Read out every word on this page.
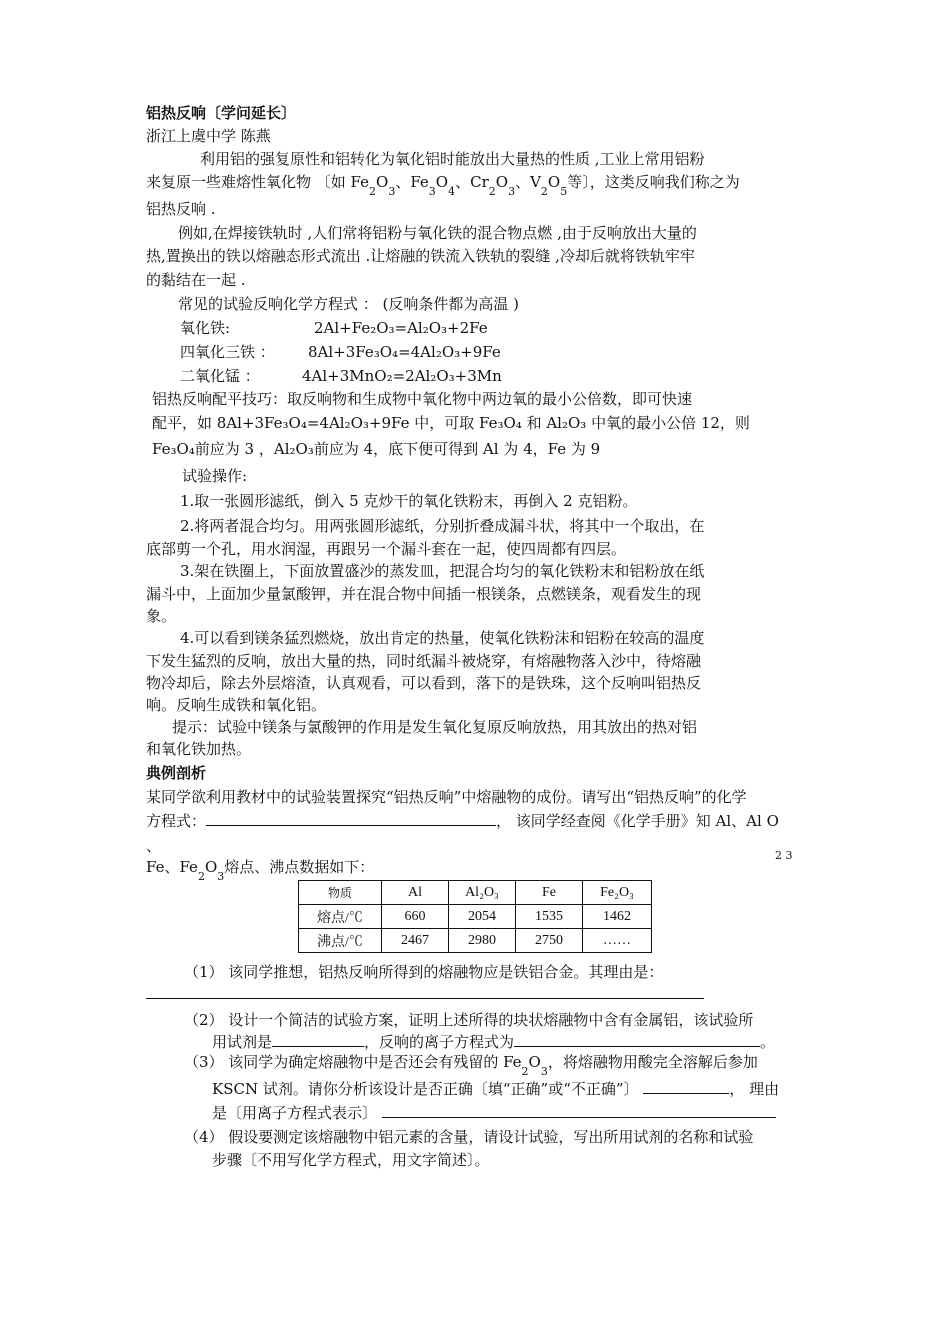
铝热反响〔学问延长〕
浙江上虞中学 陈燕
利用铝的强复原性和铝转化为氧化铝时能放出大量热的性质 ,工业上常用铝粉
来复原一些难熔性氧化物 〔如 $Fe_2O_3$、$Fe_3O_4$、$Cr_2O_3$、$V_2O_5$等〕，这类反响我们称之为
铝热反响 .
例如,在焊接铁轨时 ,人们常将铝粉与氧化铁的混合物点燃 ,由于反响放出大量的
热,置换出的铁以熔融态形式流出 .让熔融的铁流入铁轨的裂缝 ,冷却后就将铁轨牢牢
的黏结在一起 .
常见的试验反响化学方程式 ： (反响条件都为高温 )
氧化铁:	2Al+Fe₂O₃=Al₂O₃+2Fe
四氧化三铁 ： 8Al+3Fe₃O₄=4Al₂O₃+9Fe
二氧化锰 ：	4Al+3MnO₂=2Al₂O₃+3Mn
铝热反响配平技巧：取反响物和生成物中氧化物中两边氧的最小公倍数，即可快速
配平，如 8Al+3Fe₃O₄=4Al₂O₃+9Fe 中，可取 Fe₃O₄ 和 Al₂O₃ 中氧的最小公倍 12，则
Fe₃O₄前应为 3 ，Al₂O₃前应为 4，底下便可得到 Al 为 4，Fe 为 9
试验操作:
1.取一张圆形滤纸，倒入 5 克炒干的氧化铁粉末，再倒入 2 克铝粉。
2.将两者混合均匀。用两张圆形滤纸，分别折叠成漏斗状，将其中一个取出，在
底部剪一个孔，用水润湿，再跟另一个漏斗套在一起，使四周都有四层。
3.架在铁圈上，下面放置盛沙的蒸发皿，把混合均匀的氧化铁粉末和铝粉放在纸
漏斗中，上面加少量氯酸钾，并在混合物中间插一根镁条，点燃镁条，观看发生的现
象。
4.可以看到镁条猛烈燃烧，放出肯定的热量，使氧化铁粉沫和铝粉在较高的温度
下发生猛烈的反响，放出大量的热，同时纸漏斗被烧穿，有熔融物落入沙中，待熔融
物冷却后，除去外层熔渣，认真观看，可以看到，落下的是铁珠，这个反响叫铝热反
响。反响生成铁和氧化铝。
提示：试验中镁条与氯酸钾的作用是发生氧化复原反响放热，用其放出的热对铝
和氧化铁加热。
典例剖析
某同学欲利用教材中的试验装置探究“铝热反响”中熔融物的成份。请写出“铝热反响”的化学
方程式：	， 该同学经查阅《化学手册》知 Al、Al O
、
2 3
Fe、$Fe_2O_3$熔点、沸点数据如下：
物质	Al	Al₂O₃	Fe	Fe₂O₃
熔点/℃	660	2054	1535	1462
沸点/℃	2467	2980	2750	……
（1） 该同学推想，铝热反响所得到的熔融物应是铁铝合金。其理由是：
（2） 设计一个简洁的试验方案，证明上述所得的块状熔融物中含有金属铝，该试验所
用试剂是	，反响的离子方程式为	。
（3） 该同学为确定熔融物中是否还会有残留的 $Fe_2O_3$，将熔融物用酸完全溶解后参加
KSCN 试剂。请你分析该设计是否正确〔填“正确”或“不正确”〕	， 理由
是〔用离子方程式表示〕
（4） 假设要测定该熔融物中铝元素的含量，请设计试验，写出所用试剂的名称和试验
步骤〔不用写化学方程式，用文字简述〕。
